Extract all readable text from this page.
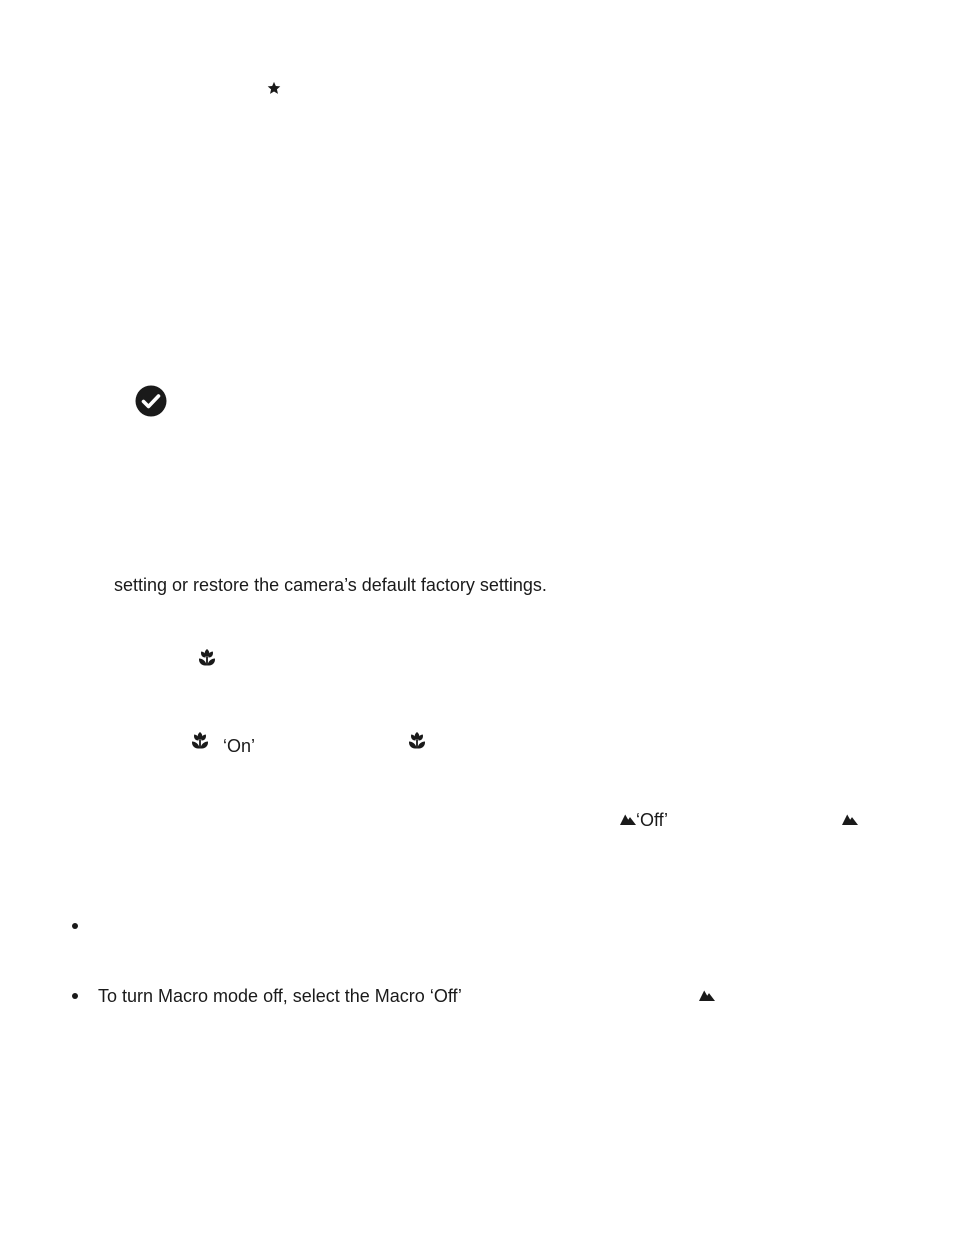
setting or restore the camera’s default factory settings.
‘On’
‘Off’
To turn Macro mode off, select the Macro ‘Off’
